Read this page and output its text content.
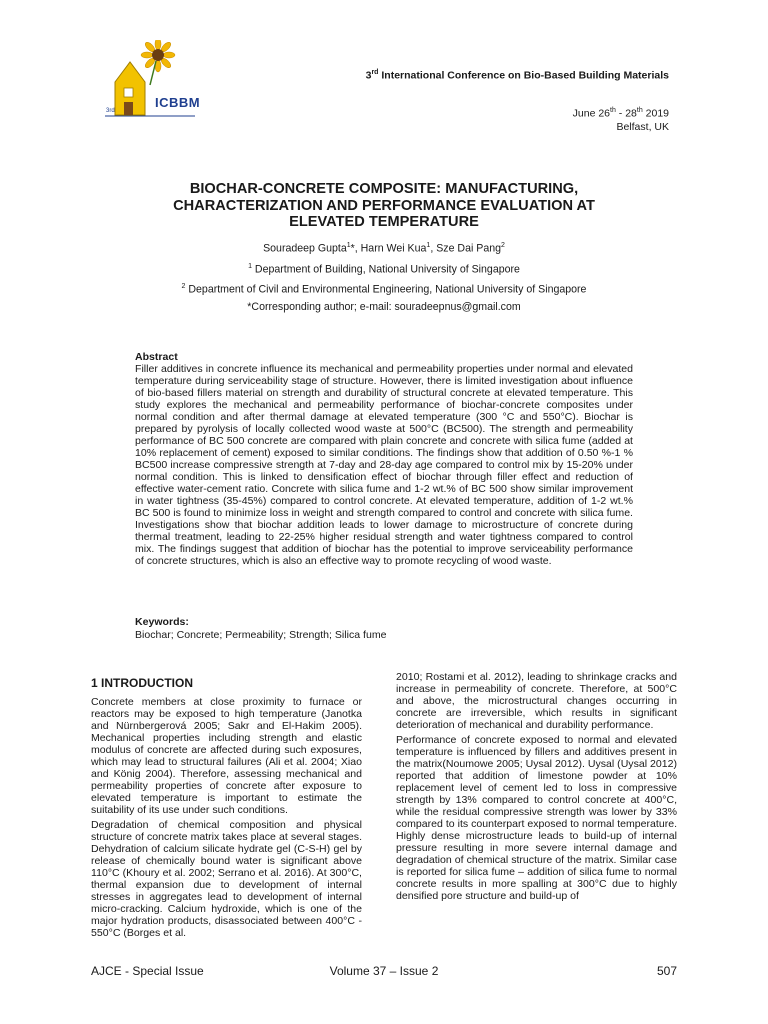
ICBBM
3rd
3rd International Conference on Bio-Based Building Materials
June 26th - 28th 2019
Belfast, UK
BIOCHAR-CONCRETE COMPOSITE: MANUFACTURING,
CHARACTERIZATION AND PERFORMANCE EVALUATION AT
ELEVATED TEMPERATURE
Souradeep Gupta$^1$*, Harn Wei Kua$^1$, Sze Dai Pang$^2$
$^1$ Department of Building, National University of Singapore
$^2$ Department of Civil and Environmental Engineering, National University of Singapore
*Corresponding author; e-mail: souradeepnus@gmail.com
Abstract
Filler additives in concrete influence its mechanical and permeability properties under normal and elevated temperature during serviceability stage of structure. However, there is limited investigation about influence of bio-based fillers material on strength and durability of structural concrete at elevated temperature. This study explores the mechanical and permeability performance of biochar-concrete composites under normal condition and after thermal damage at elevated temperature (300 °C and 550°C). Biochar is prepared by pyrolysis of locally collected wood waste at 500°C (BC500). The strength and permeability performance of BC 500 concrete are compared with plain concrete and concrete with silica fume (added at 10% replacement of cement) exposed to similar conditions. The findings show that addition of 0.50 %-1 % BC500 increase compressive strength at 7-day and 28-day age compared to control mix by 15-20% under normal condition. This is linked to densification effect of biochar through filler effect and reduction of effective water-cement ratio. Concrete with silica fume and 1-2 wt.% of BC 500 show similar improvement in water tightness (35-45%) compared to control concrete. At elevated temperature, addition of 1-2 wt.% BC 500 is found to minimize loss in weight and strength compared to control and concrete with silica fume. Investigations show that biochar addition leads to lower damage to microstructure of concrete during thermal treatment, leading to 22-25% higher residual strength and water tightness compared to control mix. The findings suggest that addition of biochar has the potential to improve serviceability performance of concrete structures, which is also an effective way to promote recycling of wood waste.
Keywords:
Biochar; Concrete; Permeability; Strength; Silica fume
1 INTRODUCTION

Concrete members at close proximity to furnace or reactors may be exposed to high temperature (Janotka and Nürnbergerová 2005; Sakr and El-Hakim 2005). Mechanical properties including strength and elastic modulus of concrete are affected during such exposures, which may lead to structural failures (Ali et al. 2004; Xiao and König 2004). Therefore, assessing mechanical and permeability properties of concrete after exposure to elevated temperature is important to estimate the suitability of its use under such conditions.

Degradation of chemical composition and physical structure of concrete matrix takes place at several stages. Dehydration of calcium silicate hydrate gel (C-S-H) gel by release of chemically bound water is significant above 110°C (Khoury et al. 2002; Serrano et al. 2016). At 300°C, thermal expansion due to development of internal stresses in aggregates lead to development of internal micro-cracking. Calcium hydroxide, which is one of the major hydration products, disassociated between 400°C - 550°C (Borges et al.

2010; Rostami et al. 2012), leading to shrinkage cracks and increase in permeability of concrete. Therefore, at 500°C and above, the microstructural changes occurring in concrete are irreversible, which results in significant deterioration of mechanical and durability performance.

Performance of concrete exposed to normal and elevated temperature is influenced by fillers and additives present in the matrix(Noumowe 2005; Uysal 2012). Uysal (Uysal 2012) reported that addition of limestone powder at 10% replacement level of cement led to loss in compressive strength by 13% compared to control concrete at 400°C, while the residual compressive strength was lower by 33% compared to its counterpart exposed to normal temperature. Highly dense microstructure leads to build-up of internal pressure resulting in more severe internal damage and degradation of chemical structure of the matrix. Similar case is reported for silica fume – addition of silica fume to normal concrete results in more spalling at 300°C due to highly densified pore structure and build-up of

AJCE - Special Issue	Volume 37 – Issue 2	507
